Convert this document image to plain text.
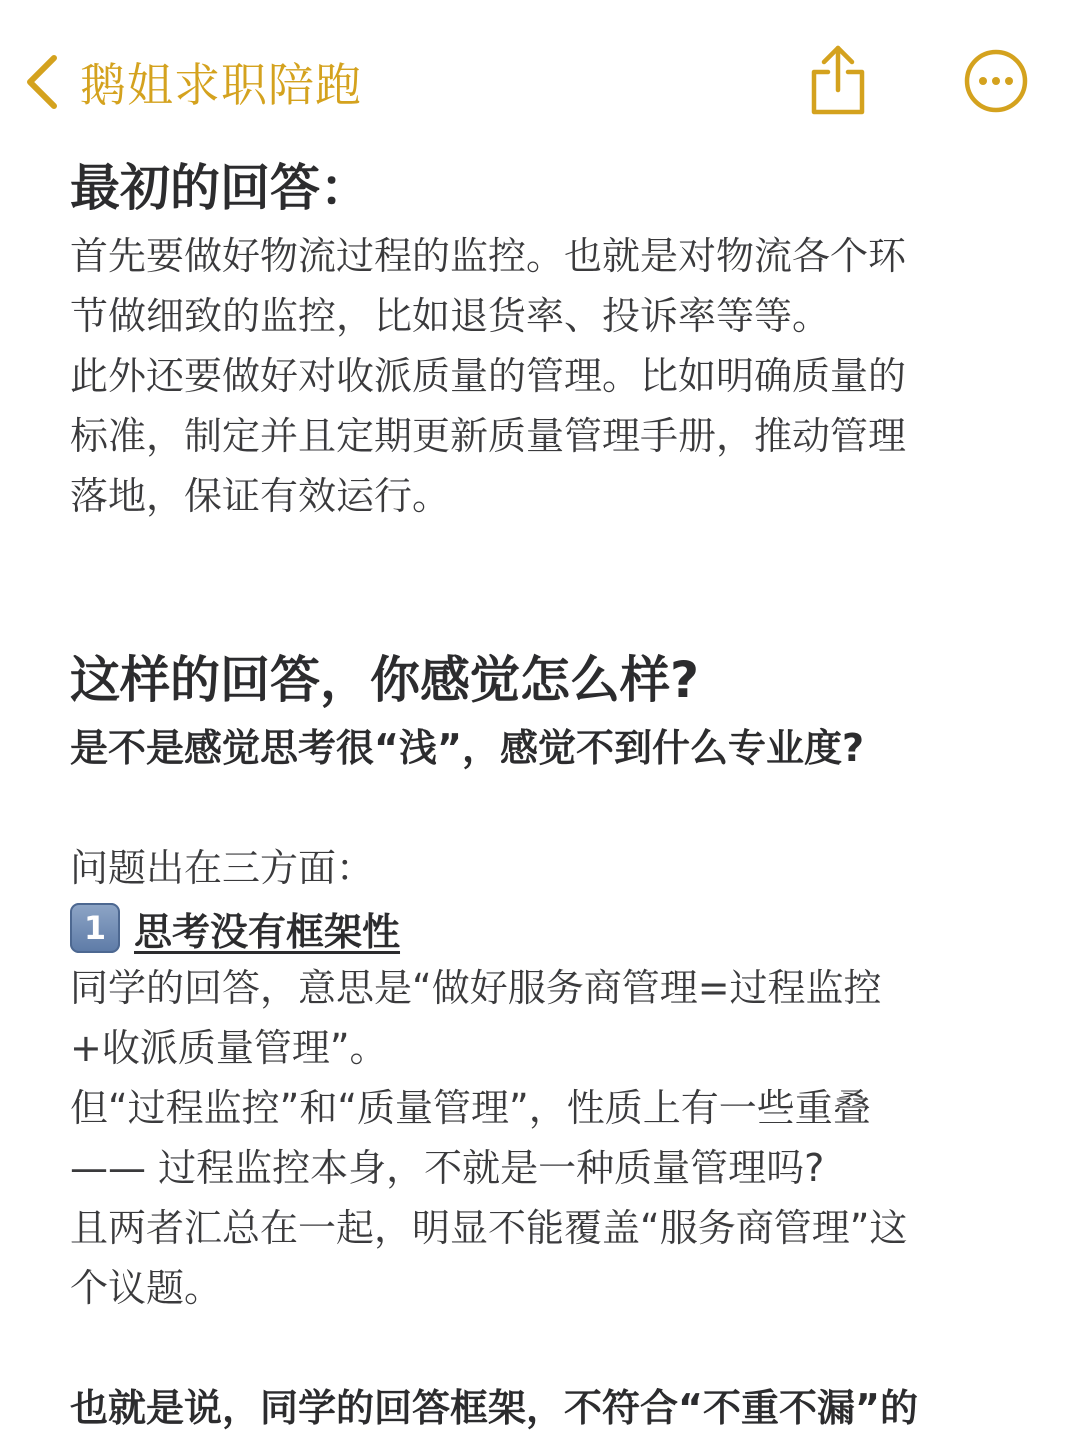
鹅姐求职陪跑

最初的回答：

首先要做好物流过程的监控。也就是对物流各个环

节做细致的监控，比如退货率、投诉率等等。

此外还要做好对收派质量的管理。比如明确质量的

标准，制定并且定期更新质量管理手册，推动管理

落地，保证有效运行。

这样的回答，你感觉怎么样?

是不是感觉思考很“浅”，感觉不到什么专业度?

问题出在三方面：

1 思考没有框架性

同学的回答，意思是“做好服务商管理=过程监控

+收派质量管理”。

但“过程监控”和“质量管理”，性质上有一些重叠

—— 过程监控本身，不就是一种质量管理吗?

且两者汇总在一起，明显不能覆盖“服务商管理”这

个议题。

也就是说，同学的回答框架，不符合“不重不漏”的
